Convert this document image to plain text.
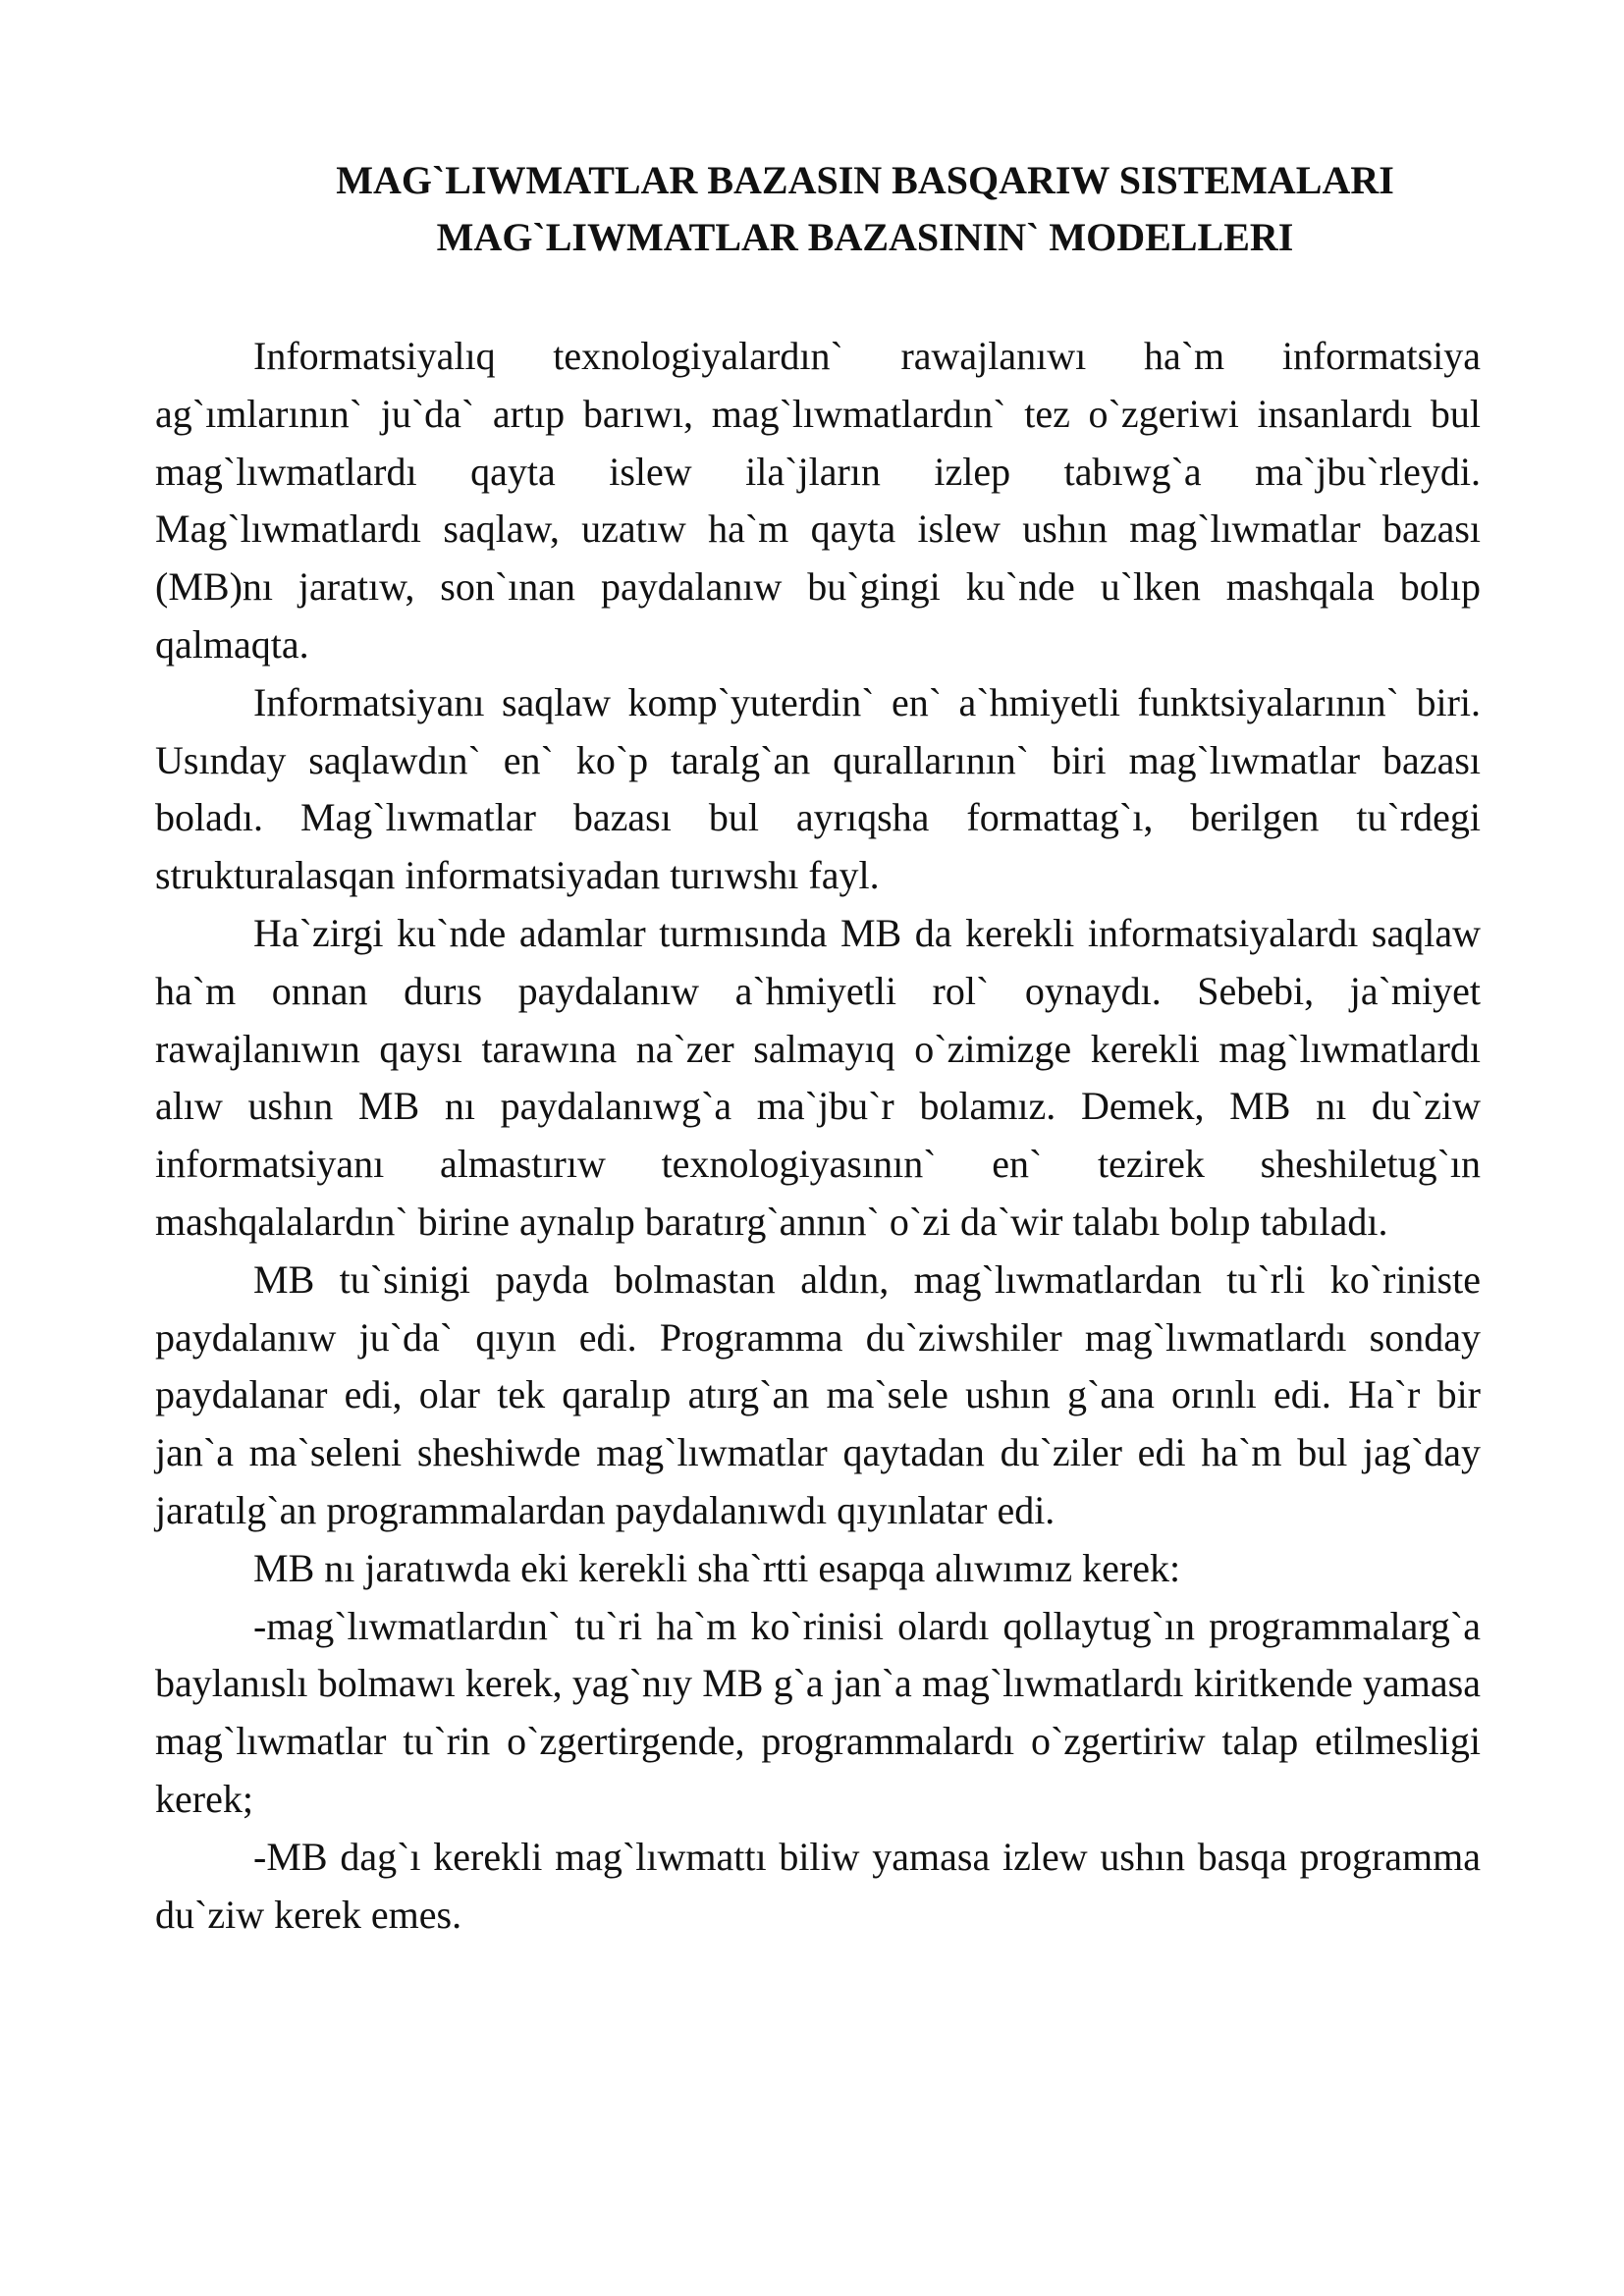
MAG`LIWMATLAR BAZASIN BASQARIW SISTEMALARI
MAG`LIWMATLAR BAZASININ` MODELLERI

Informatsiyalıq texnologiyalardın` rawajlanıwı ha`m informatsiya ag`ımlarının` ju`da` artıp barıwı, mag`lıwmatlardın` tez o`zgeriwi insanlardı bul mag`lıwmatlardı qayta islew ila`jların izlep tabıwg`a ma`jbu`rleydi. Mag`lıwmatlardı saqlaw, uzatıw ha`m qayta islew ushın mag`lıwmatlar bazası (MB)nı jaratıw, son`ınan paydalanıw bu`gingi ku`nde u`lken mashqala bolıp qalmaqta.

Informatsiyanı saqlaw komp`yuterdin` en` a`hmiyetli funktsiyalarının` biri. Usınday saqlawdın` en` ko`p taralg`an qurallarının` biri mag`lıwmatlar bazası boladı. Mag`lıwmatlar bazası bul ayrıqsha formattag`ı, berilgen tu`rdegi strukturalasqan informatsiyadan turıwshı fayl.

Ha`zirgi ku`nde adamlar turmısında MB da kerekli informatsiyalardı saqlaw ha`m onnan durıs paydalanıw a`hmiyetli rol` oynaydı. Sebebi, ja`miyet rawajlanıwın qaysı tarawına na`zer salmayıq o`zimizge kerekli mag`lıwmatlardı alıw ushın MB nı paydalanıwg`a ma`jbu`r bolamız. Demek, MB nı du`ziw informatsiyanı almastırıw texnologiyasının` en` tezirek sheshiletug`ın mashqalalardın` birine aynalıp baratırg`annın` o`zi da`wir talabı bolıp tabıladı.

MB tu`sinigi payda bolmastan aldın, mag`lıwmatlardan tu`rli ko`riniste paydalanıw ju`da` qıyın edi. Programma du`ziwshiler mag`lıwmatlardı sonday paydalanar edi, olar tek qaralıp atırg`an ma`sele ushın g`ana orınlı edi. Ha`r bir jan`a ma`seleni sheshiwde mag`lıwmatlar qaytadan du`ziler edi ha`m bul jag`day jaratılg`an programmalardan paydalanıwdı qıyınlatar edi.

MB nı jaratıwda eki kerekli sha`rtti esapqa alıwımız kerek:

-mag`lıwmatlardın` tu`ri ha`m ko`rinisi olardı qollaytug`ın programmalarg`a baylanıslı bolmawı kerek, yag`nıy MB g`a jan`a mag`lıwmatlardı kiritkende yamasa mag`lıwmatlar tu`rin o`zgertirgende, programmalardı o`zgertiriw talap etilmesligi kerek;

-MB dag`ı kerekli mag`lıwmattı biliw yamasa izlew ushın basqa programma du`ziw kerek emes.
